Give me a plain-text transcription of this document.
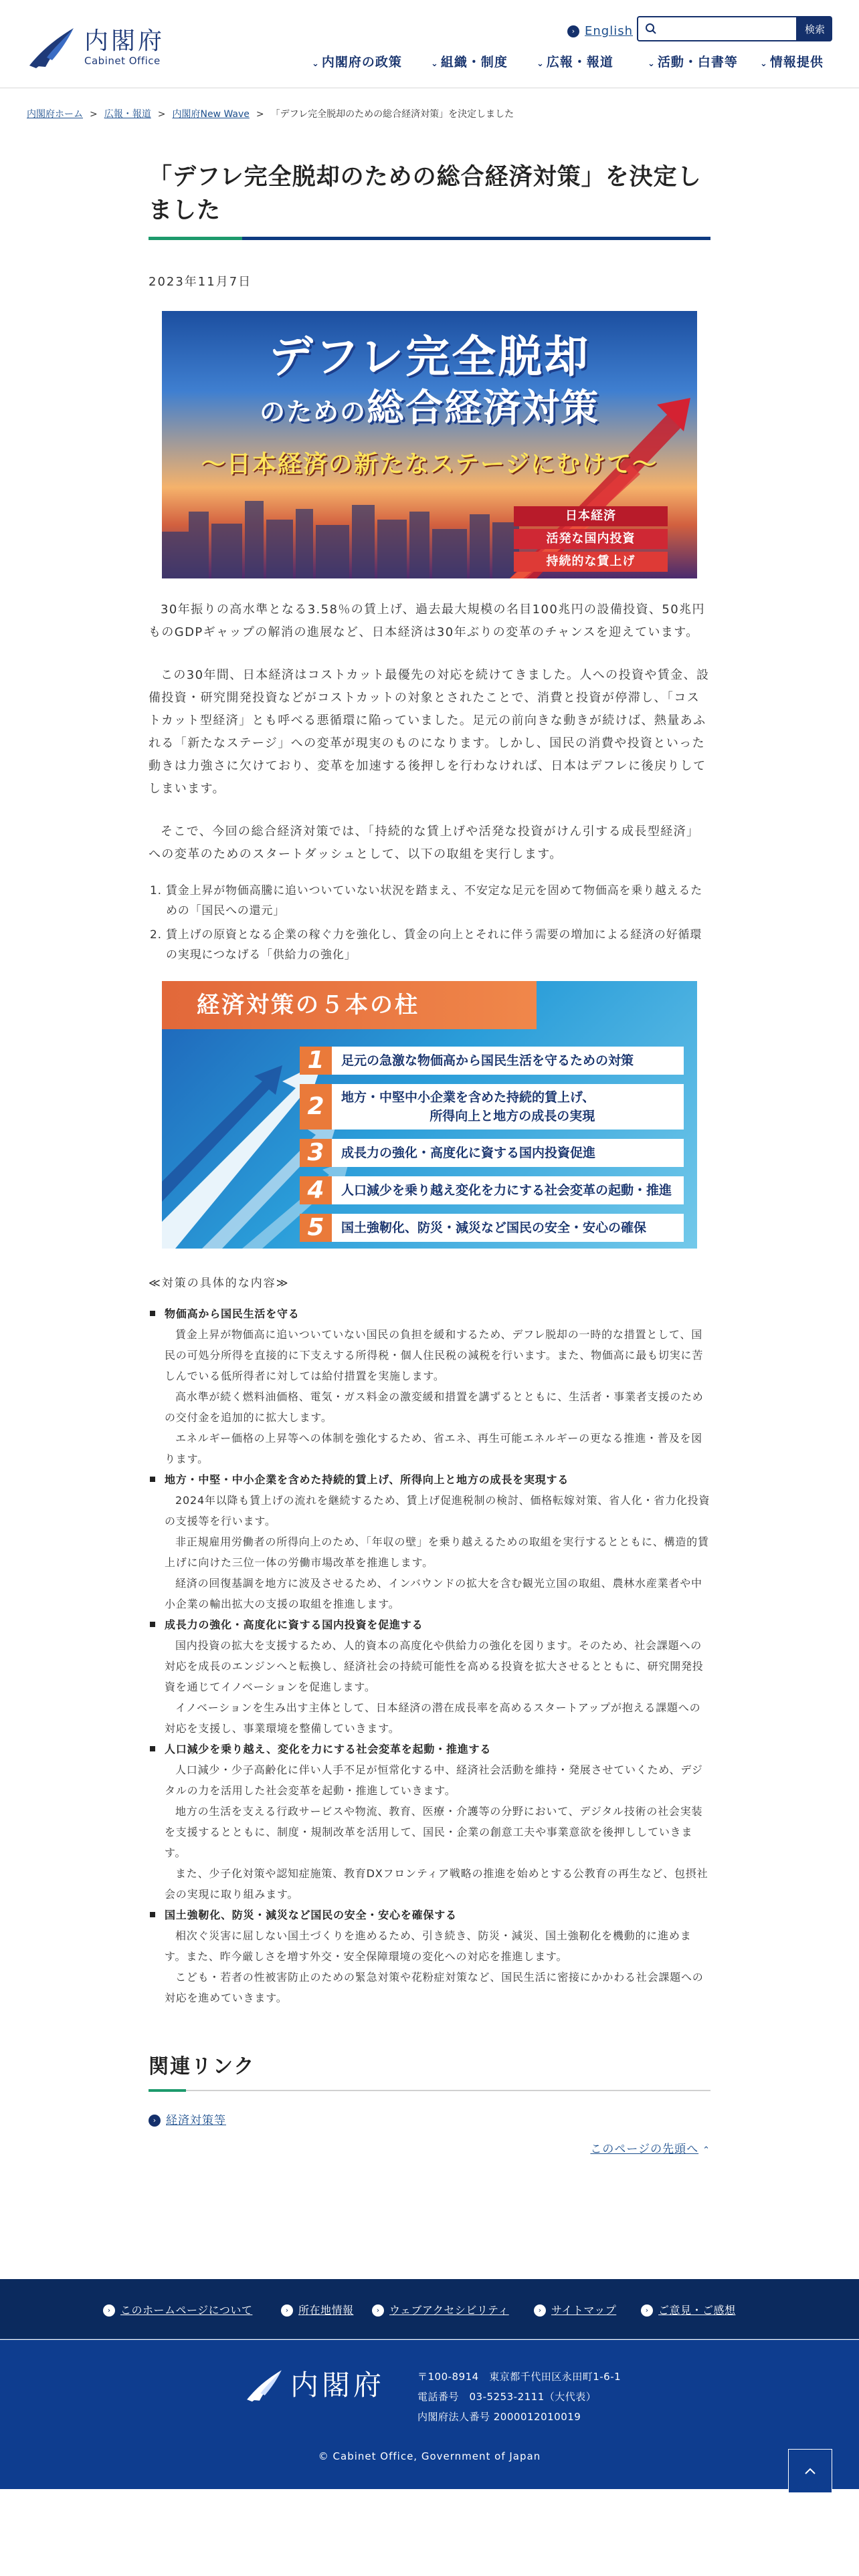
内閣府
Cabinet Office
› English	検索
⌄ 内閣府の政策	⌄ 組織・制度	⌄ 広報・報道	⌄ 活動・白書等	⌄ 情報提供
内閣府ホーム > 広報・報道 > 内閣府New Wave > 「デフレ完全脱却のための総合経済対策」を決定しました
「デフレ完全脱却のための総合経済対策」を決定しました
2023年11月7日
デフレ完全脱却
のための総合経済対策
～日本経済の新たなステージにむけて～
日本経済
活発な国内投資
持続的な賃上げ

30年振りの高水準となる3.58％の賃上げ、過去最大規模の名目100兆円の設備投資、50兆円ものGDPギャップの解消の進展など、日本経済は30年ぶりの変革のチャンスを迎えています。

この30年間、日本経済はコストカット最優先の対応を続けてきました。人への投資や賃金、設備投資・研究開発投資などがコストカットの対象とされたことで、消費と投資が停滞し、「コストカット型経済」とも呼べる悪循環に陥っていました。足元の前向きな動きが続けば、熱量あふれる「新たなステージ」への変革が現実のものになります。しかし、国民の消費や投資といった動きは力強さに欠けており、変革を加速する後押しを行わなければ、日本はデフレに後戻りしてしまいます。

そこで、今回の総合経済対策では、「持続的な賃上げや活発な投資がけん引する成長型経済」への変革のためのスタートダッシュとして、以下の取組を実行します。

1. 賃金上昇が物価高騰に追いついていない状況を踏まえ、不安定な足元を固めて物価高を乗り越えるための「国民への還元」
2. 賃上げの原資となる企業の稼ぐ力を強化し、賃金の向上とそれに伴う需要の増加による経済の好循環の実現につなげる「供給力の強化」
経済対策の５本の柱
1	足元の急激な物価高から国民生活を守るための対策
2	地方・中堅中小企業を含めた持続的賃上げ、
所得向上と地方の成長の実現
3	成長力の強化・高度化に資する国内投資促進
4	人口減少を乗り越え変化を力にする社会変革の起動・推進
5	国土強靭化、防災・減災など国民の安全・安心の確保
≪対策の具体的な内容≫
物価高から国民生活を守る
賃金上昇が物価高に追いついていない国民の負担を緩和するため、デフレ脱却の一時的な措置として、国民の可処分所得を直接的に下支えする所得税・個人住民税の減税を行います。また、物価高に最も切実に苦しんでいる低所得者に対しては給付措置を実施します。
高水準が続く燃料油価格、電気・ガス料金の激変緩和措置を講ずるとともに、生活者・事業者支援のための交付金を追加的に拡大します。
エネルギー価格の上昇等への体制を強化するため、省エネ、再生可能エネルギーの更なる推進・普及を図ります。
地方・中堅・中小企業を含めた持続的賃上げ、所得向上と地方の成長を実現する
2024年以降も賃上げの流れを継続するため、賃上げ促進税制の検討、価格転嫁対策、省人化・省力化投資の支援等を行います。
非正規雇用労働者の所得向上のため、「年収の壁」を乗り越えるための取組を実行するとともに、構造的賃上げに向けた三位一体の労働市場改革を推進します。
経済の回復基調を地方に波及させるため、インバウンドの拡大を含む観光立国の取組、農林水産業者や中小企業の輸出拡大の支援の取組を推進します。
成長力の強化・高度化に資する国内投資を促進する
国内投資の拡大を支援するため、人的資本の高度化や供給力の強化を図ります。そのため、社会課題への対応を成長のエンジンへと転換し、経済社会の持続可能性を高める投資を拡大させるとともに、研究開発投資を通じてイノベーションを促進します。
イノベーションを生み出す主体として、日本経済の潜在成長率を高めるスタートアップが抱える課題への対応を支援し、事業環境を整備していきます。
人口減少を乗り越え、変化を力にする社会変革を起動・推進する
人口減少・少子高齢化に伴い人手不足が恒常化する中、経済社会活動を維持・発展させていくため、デジタルの力を活用した社会変革を起動・推進していきます。
地方の生活を支える行政サービスや物流、教育、医療・介護等の分野において、デジタル技術の社会実装を支援するとともに、制度・規制改革を活用して、国民・企業の創意工夫や事業意欲を後押ししていきます。
また、少子化対策や認知症施策、教育DXフロンティア戦略の推進を始めとする公教育の再生など、包摂社会の実現に取り組みます。
国土強靭化、防災・減災など国民の安全・安心を確保する
相次ぐ災害に屈しない国土づくりを進めるため、引き続き、防災・減災、国土強靭化を機動的に進めます。また、昨今厳しさを増す外交・安全保障環境の変化への対応を推進します。
こども・若者の性被害防止のための緊急対策や花粉症対策など、国民生活に密接にかかわる社会課題への対応を進めていきます。
関連リンク
› 経済対策等
このページの先頭へ ⌃
› このホームページについて	› 所在地情報	› ウェブアクセシビリティ	› サイトマップ	› ご意見・ご感想
内閣府	〒100-8914　東京都千代田区永田町1-6-1
電話番号　03-5253-2111（大代表）
内閣府法人番号 2000012010019
© Cabinet Office, Government of Japan
